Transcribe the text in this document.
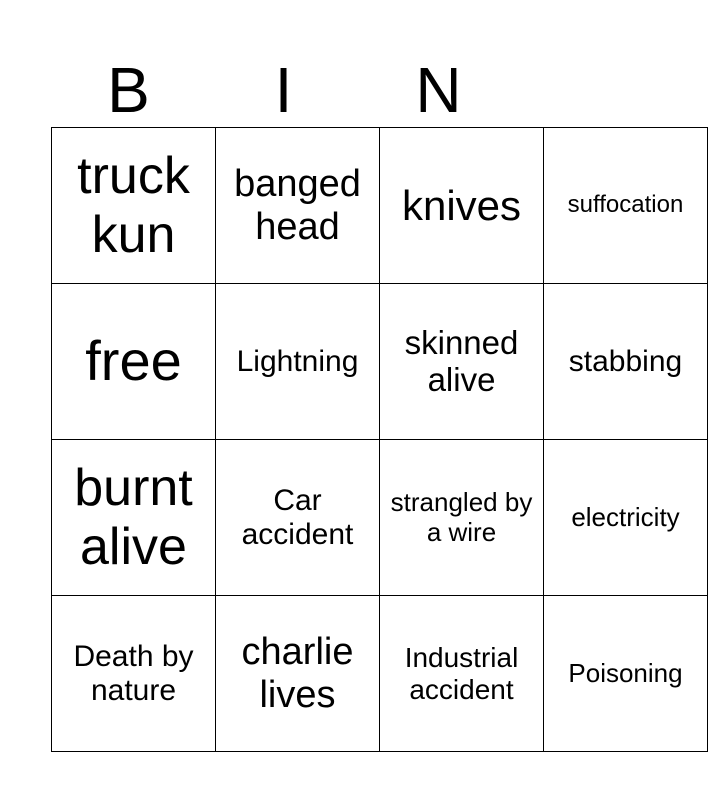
B	I	N
truck kun	banged head	knives	suffocation
free	Lightning	skinned alive	stabbing
burnt alive	Car accident	strangled by a wire	electricity
Death by nature	charlie lives	Industrial accident	Poisoning
